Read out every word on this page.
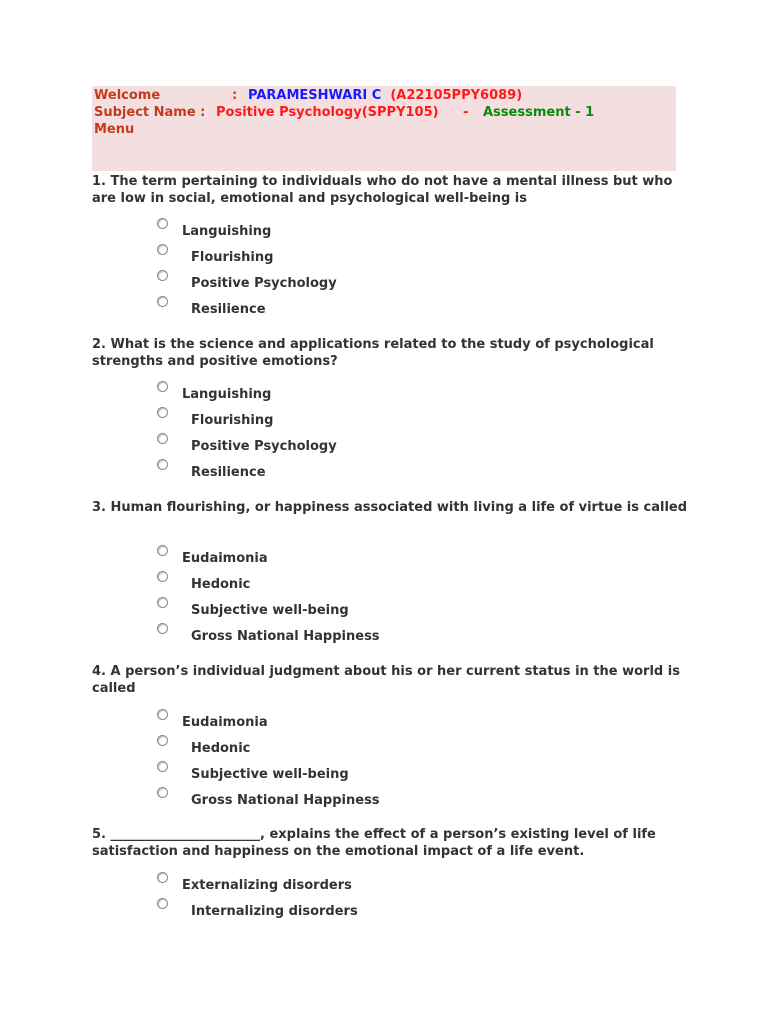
Welcome	: PARAMESHWARI C (A22105PPY6089)
Subject Name : Positive Psychology(SPPY105) - Assessment - 1
Menu
1. The term pertaining to individuals who do not have a mental illness but who are low in social, emotional and psychological well-being is
Languishing
Flourishing
Positive Psychology
Resilience
2. What is the science and applications related to the study of psychological strengths and positive emotions?
Languishing
Flourishing
Positive Psychology
Resilience
3. Human flourishing, or happiness associated with living a life of virtue is called
Eudaimonia
Hedonic
Subjective well-being
Gross National Happiness
4. A person’s individual judgment about his or her current status in the world is called
Eudaimonia
Hedonic
Subjective well-being
Gross National Happiness
5. _______________________, explains the effect of a person’s existing level of life satisfaction and happiness on the emotional impact of a life event.
Externalizing disorders
Internalizing disorders
